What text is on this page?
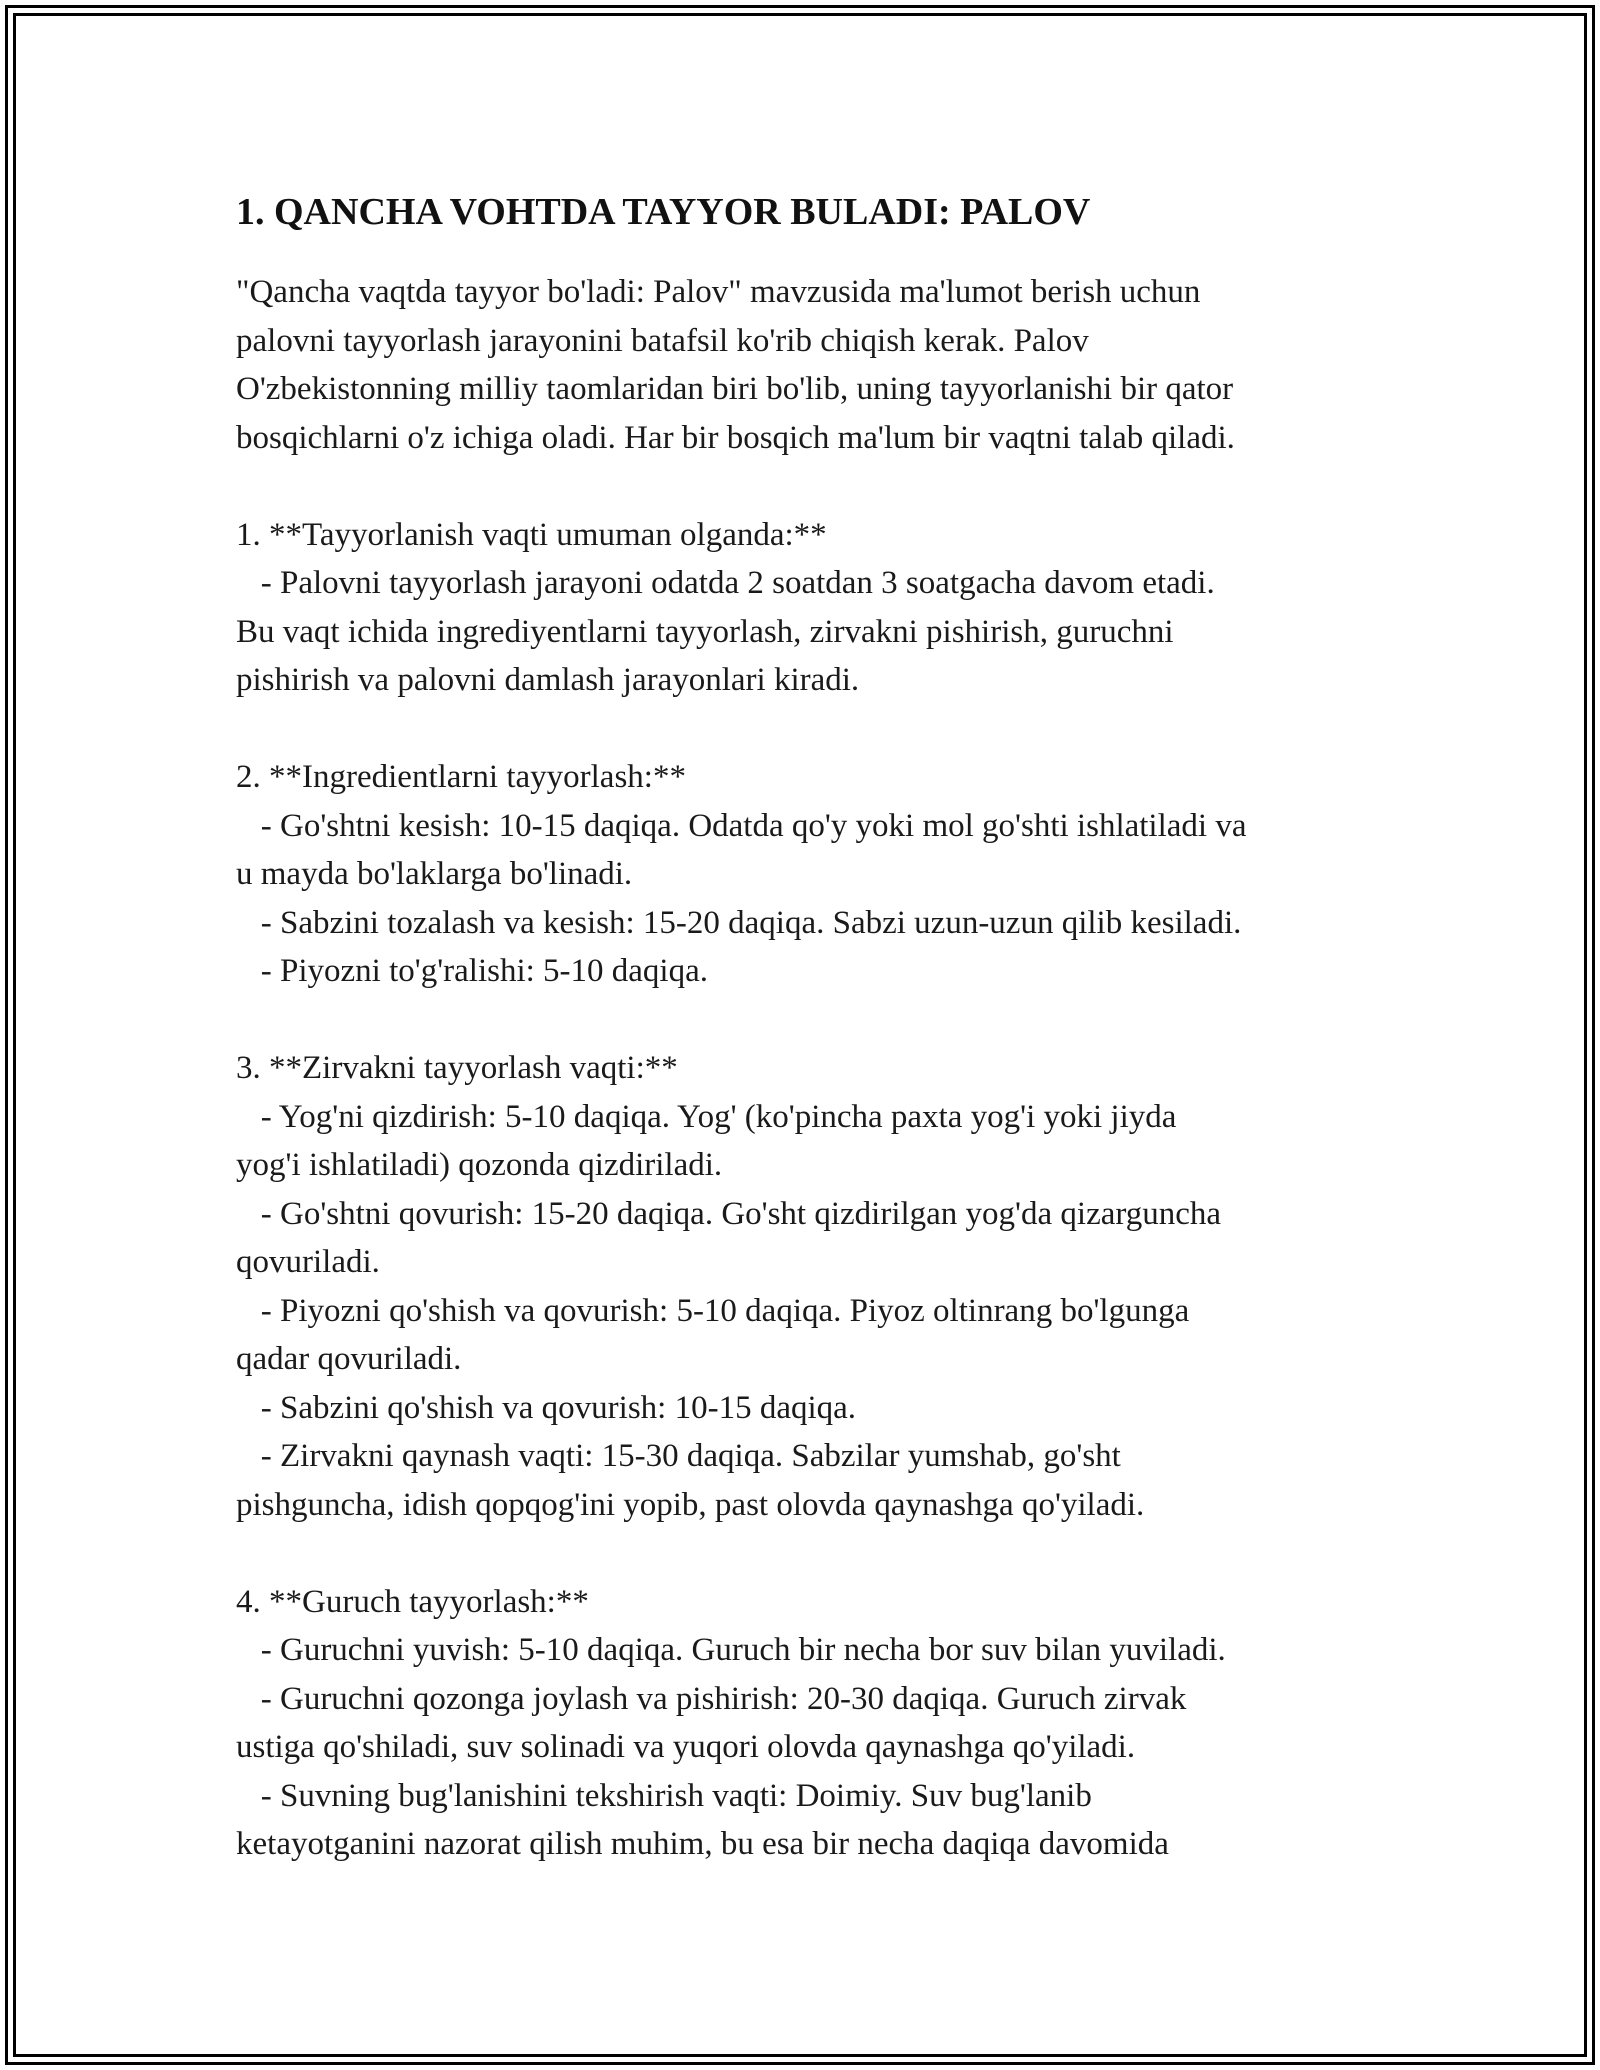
1. QANCHA VOHTDA TAYYOR BULADI: PALOV

"Qancha vaqtda tayyor bo'ladi: Palov" mavzusida ma'lumot berish uchun

palovni tayyorlash jarayonini batafsil ko'rib chiqish kerak. Palov

O'zbekistonning milliy taomlaridan biri bo'lib, uning tayyorlanishi bir qator

bosqichlarni o'z ichiga oladi. Har bir bosqich ma'lum bir vaqtni talab qiladi.

1. **Tayyorlanish vaqti umuman olganda:**

- Palovni tayyorlash jarayoni odatda 2 soatdan 3 soatgacha davom etadi.

Bu vaqt ichida ingrediyentlarni tayyorlash, zirvakni pishirish, guruchni

pishirish va palovni damlash jarayonlari kiradi.

2. **Ingredientlarni tayyorlash:**

- Go'shtni kesish: 10-15 daqiqa. Odatda qo'y yoki mol go'shti ishlatiladi va

u mayda bo'laklarga bo'linadi.

- Sabzini tozalash va kesish: 15-20 daqiqa. Sabzi uzun-uzun qilib kesiladi.

- Piyozni to'g'ralishi: 5-10 daqiqa.

3. **Zirvakni tayyorlash vaqti:**

- Yog'ni qizdirish: 5-10 daqiqa. Yog' (ko'pincha paxta yog'i yoki jiyda

yog'i ishlatiladi) qozonda qizdiriladi.

- Go'shtni qovurish: 15-20 daqiqa. Go'sht qizdirilgan yog'da qizarguncha

qovuriladi.

- Piyozni qo'shish va qovurish: 5-10 daqiqa. Piyoz oltinrang bo'lgunga

qadar qovuriladi.

- Sabzini qo'shish va qovurish: 10-15 daqiqa.

- Zirvakni qaynash vaqti: 15-30 daqiqa. Sabzilar yumshab, go'sht

pishguncha, idish qopqog'ini yopib, past olovda qaynashga qo'yiladi.

4. **Guruch tayyorlash:**

- Guruchni yuvish: 5-10 daqiqa. Guruch bir necha bor suv bilan yuviladi.

- Guruchni qozonga joylash va pishirish: 20-30 daqiqa. Guruch zirvak

ustiga qo'shiladi, suv solinadi va yuqori olovda qaynashga qo'yiladi.

- Suvning bug'lanishini tekshirish vaqti: Doimiy. Suv bug'lanib

ketayotganini nazorat qilish muhim, bu esa bir necha daqiqa davomida
